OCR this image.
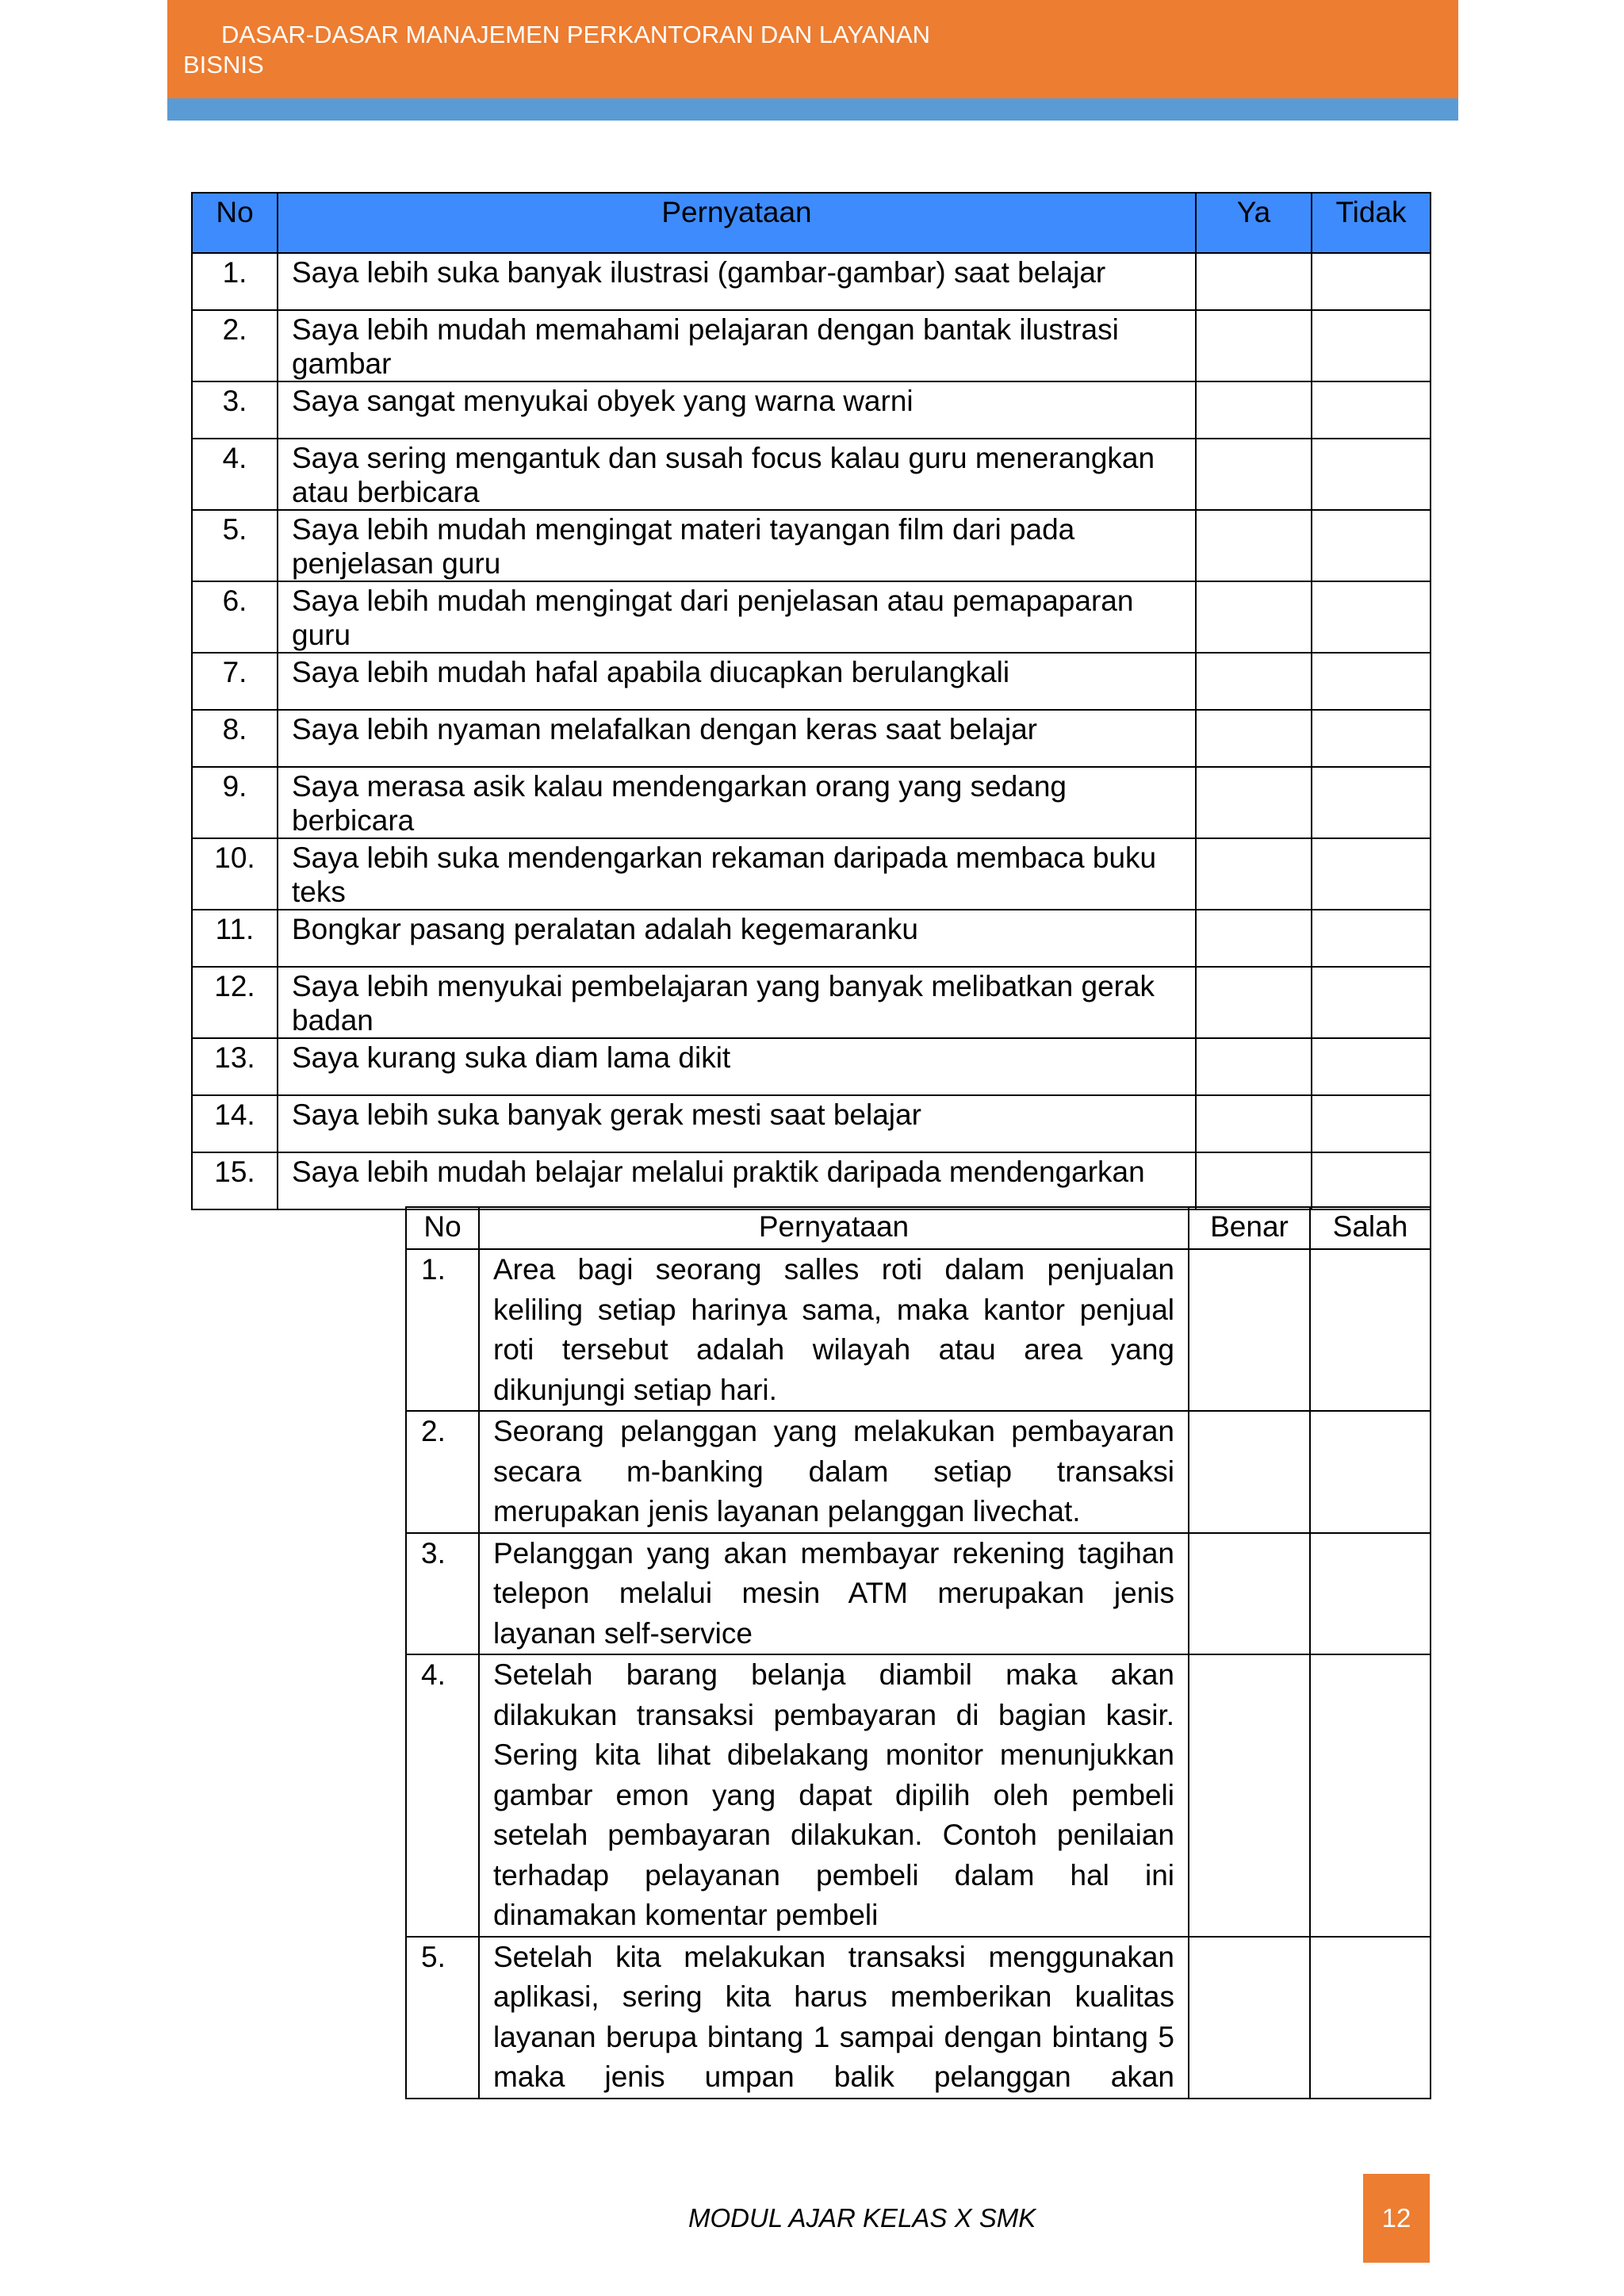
DASAR-DASAR MANAJEMEN PERKANTORAN DAN LAYANAN
BISNIS
No	Pernyataan	Ya	Tidak
1.	Saya lebih suka banyak ilustrasi (gambar-gambar) saat belajar		

2.	Saya lebih mudah memahami pelajaran dengan bantak ilustrasi
gambar		

3.	Saya sangat menyukai obyek yang warna warni		

4.	Saya sering mengantuk dan susah focus kalau guru menerangkan
atau berbicara		

5.	Saya lebih mudah mengingat materi tayangan film dari pada
penjelasan guru		

6.	Saya lebih mudah mengingat dari penjelasan atau pemapaparan
guru		

7.	Saya lebih mudah hafal apabila diucapkan berulangkali		

8.	Saya lebih nyaman melafalkan dengan keras saat belajar		

9.	Saya merasa asik kalau mendengarkan orang yang sedang
berbicara		

10.	Saya lebih suka mendengarkan rekaman daripada membaca buku
teks		

11.	Bongkar pasang peralatan adalah kegemaranku		

12.	Saya lebih menyukai pembelajaran yang banyak melibatkan gerak
badan		

13.	Saya kurang suka diam lama dikit		

14.	Saya lebih suka banyak gerak mesti saat belajar		

15.	Saya lebih mudah belajar melalui praktik daripada mendengarkan		

No	Pernyataan	Benar	Salah
1.	Area bagi seorang salles roti dalam penjualan keliling setiap harinya sama, maka kantor penjual roti tersebut adalah wilayah atau area yang dikunjungi setiap hari.		
2.	Seorang pelanggan yang melakukan pembayaran secara m-banking dalam setiap transaksi merupakan jenis layanan pelanggan livechat.		
3.	Pelanggan yang akan membayar rekening tagihan telepon melalui mesin ATM merupakan jenis layanan self-service		
4.	Setelah barang belanja diambil maka akan dilakukan transaksi pembayaran di bagian kasir. Sering kita lihat dibelakang monitor menunjukkan gambar emon yang dapat dipilih oleh pembeli setelah pembayaran dilakukan. Contoh penilaian terhadap pelayanan pembeli dalam hal ini dinamakan komentar pembeli		
5.	Setelah kita melakukan transaksi menggunakan aplikasi, sering kita harus memberikan kualitas layanan berupa bintang 1 sampai dengan bintang 5 maka jenis umpan balik pelanggan akan		
MODUL AJAR KELAS X SMK	12
